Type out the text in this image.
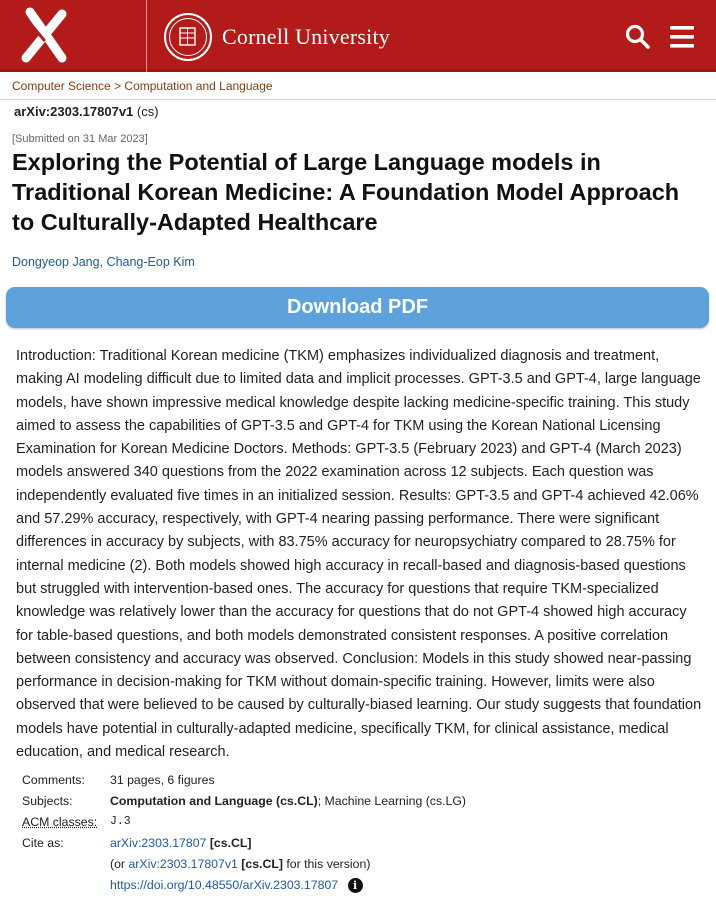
Cornell University
Computer Science > Computation and Language
arXiv:2303.17807v1 (cs)
[Submitted on 31 Mar 2023]
Exploring the Potential of Large Language models in Traditional Korean Medicine: A Foundation Model Approach to Culturally-Adapted Healthcare
Dongyeop Jang, Chang-Eop Kim
Download PDF

Introduction: Traditional Korean medicine (TKM) emphasizes individualized diagnosis and treatment, making AI modeling difficult due to limited data and implicit processes. GPT-3.5 and GPT-4, large language models, have shown impressive medical knowledge despite lacking medicine-specific training. This study aimed to assess the capabilities of GPT-3.5 and GPT-4 for TKM using the Korean National Licensing Examination for Korean Medicine Doctors. Methods: GPT-3.5 (February 2023) and GPT-4 (March 2023) models answered 340 questions from the 2022 examination across 12 subjects. Each question was independently evaluated five times in an initialized session. Results: GPT-3.5 and GPT-4 achieved 42.06% and 57.29% accuracy, respectively, with GPT-4 nearing passing performance. There were significant differences in accuracy by subjects, with 83.75% accuracy for neuropsychiatry compared to 28.75% for internal medicine (2). Both models showed high accuracy in recall-based and diagnosis-based questions but struggled with intervention-based ones. The accuracy for questions that require TKM-specialized knowledge was relatively lower than the accuracy for questions that do not GPT-4 showed high accuracy for table-based questions, and both models demonstrated consistent responses. A positive correlation between consistency and accuracy was observed. Conclusion: Models in this study showed near-passing performance in decision-making for TKM without domain-specific training. However, limits were also observed that were believed to be caused by culturally-biased learning. Our study suggests that foundation models have potential in culturally-adapted medicine, specifically TKM, for clinical assistance, medical education, and medical research.

Comments:	31 pages, 6 figures
Subjects:	Computation and Language (cs.CL); Machine Learning (cs.LG)
ACM classes:	J.3
Cite as:	arXiv:2303.17807 [cs.CL]
(or arXiv:2303.17807v1 [cs.CL] for this version)
https://doi.org/10.48550/arXiv.2303.17807 i
